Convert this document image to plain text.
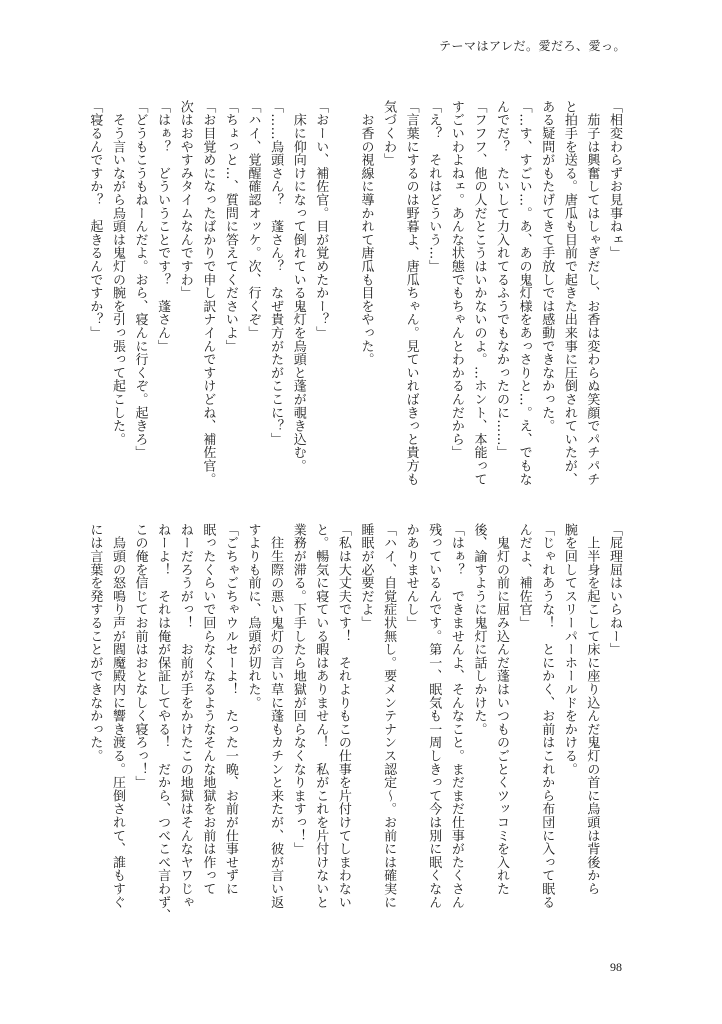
テーマはアレだ。愛だろ、愛っ。
「相変わらずお見事ねェ」
　茄子は興奮してはしゃぎだし、お香は変わらぬ笑顔でパチパチ
と拍手を送る。唐瓜も目前で起きた出来事に圧倒されていたが、
ある疑問がもたげてきて手放しでは感動できなかった。
「…す、すごい…。あ、あの鬼灯様をあっさりと…。え、でもな
んでだ？　たいして力入れてるふうでもなかったのに……」
「フフフ、他の人だとこうはいかないのよ。…ホント、本能って
すごいわよねェ。あんな状態でもちゃんとわかるんだから」
「え？　それはどういう…」
「言葉にするのは野暮よ、唐瓜ちゃん。見ていればきっと貴方も
気づくわ」
　お香の視線に導かれて唐瓜も目をやった。
「おーい、補佐官。目が覚めたかー？」
　床に仰向けになって倒れている鬼灯を烏頭と蓬が覗き込む。
「……烏頭さん？　蓬さん？　なぜ貴方がたがここに？」
「ハイ、覚醒確認オッケ。次、行くぞ」
「ちょっと…、質問に答えてくださいよ」
「お目覚めになったばかりで申し訳ナイんですけどね、補佐官。
次はおやすみタイムなんですわ」
「はぁ？　どういうことです？　蓬さん」
「どうもこうもねーんだよ。おら、寝んに行くぞ。起きろ」
　そう言いながら烏頭は鬼灯の腕を引っ張って起こした。
「寝るんですか？　起きるんですか？」
「屁理屈はいらねー」
　上半身を起こして床に座り込んだ鬼灯の首に烏頭は背後から
腕を回してスリーパーホールドをかける。
「じゃれあうな！　とにかく、お前はこれから布団に入って眠る
んだよ、補佐官」
　鬼灯の前に屈み込んだ蓬はいつものごとくツッコミを入れた
後、諭すように鬼灯に話しかけた。
「はぁ？　できませんよ、そんなこと。まだまだ仕事がたくさん
残っているんです。第一、眠気も一周しきって今は別に眠くなん
かありませんし」
「ハイ、自覚症状無し。要メンテナンス認定～。お前には確実に
睡眠が必要だよ」
「私は大丈夫です！　それよりもこの仕事を片付けてしまわない
と。暢気に寝ている暇はありません！　私がこれを片付けないと
業務が滞る。下手したら地獄が回らなくなりますっ！」
　往生際の悪い鬼灯の言い草に蓬もカチンと来たが、彼が言い返
すよりも前に、烏頭が切れた。
「ごちゃごちゃウルセーよ！　たった一晩、お前が仕事せずに
眠ったくらいで回らなくなるようなそんな地獄をお前は作って
ねーだろうがっ！　お前が手をかけたこの地獄はそんなヤワじゃ
ねーよ！　それは俺が保証してやる！　だから、つべこべ言わず、
この俺を信じてお前はおとなしく寝ろっ！」
　烏頭の怒鳴り声が閻魔殿内に響き渡る。圧倒されて、誰もすぐ
には言葉を発することができなかった。
98
